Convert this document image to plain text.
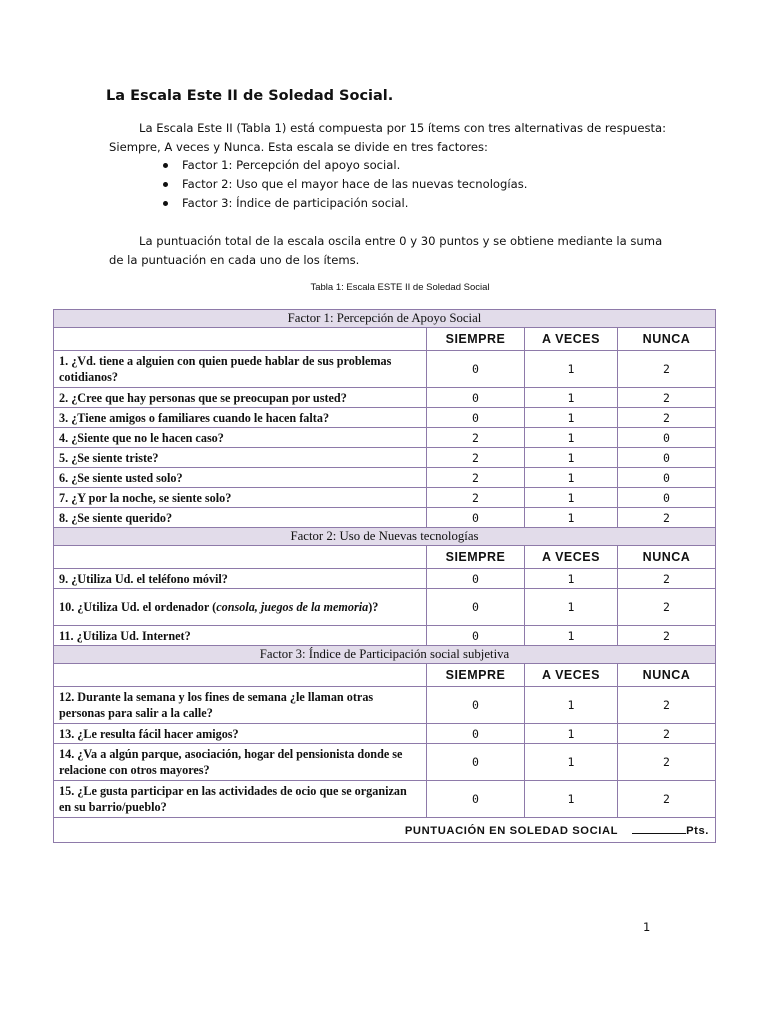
La Escala Este II de Soledad Social.
La Escala Este II (Tabla 1) está compuesta por 15 ítems con tres alternativas de respuesta:
Siempre, A veces y Nunca. Esta escala se divide en tres factores:
Factor 1: Percepción del apoyo social.
Factor 2: Uso que el mayor hace de las nuevas tecnologías.
Factor 3: Índice de participación social.
La puntuación total de la escala oscila entre 0 y 30 puntos y se obtiene mediante la suma
de la puntuación en cada uno de los ítems.
Tabla 1: Escala ESTE II de Soledad Social
Factor 1: Percepción de Apoyo Social			
	SIEMPRE	A VECES	NUNCA
1. ¿Vd. tiene a alguien con quien puede hablar de sus problemas cotidianos?	0	1	2
2. ¿Cree que hay personas que se preocupan por usted?	0	1	2
3. ¿Tiene amigos o familiares cuando le hacen falta?	0	1	2
4. ¿Siente que no le hacen caso?	2	1	0
5. ¿Se siente triste?	2	1	0
6. ¿Se siente usted solo?	2	1	0
7. ¿Y por la noche, se siente solo?	2	1	0
8. ¿Se siente querido?	0	1	2
Factor 2: Uso de Nuevas tecnologías			
	SIEMPRE	A VECES	NUNCA
9. ¿Utiliza Ud. el teléfono móvil?	0	1	2
10. ¿Utiliza Ud. el ordenador (consola, juegos de la memoria)?	0	1	2
11. ¿Utiliza Ud. Internet?	0	1	2
Factor 3: Índice de Participación social subjetiva			
	SIEMPRE	A VECES	NUNCA
12. Durante la semana y los fines de semana ¿le llaman otras personas para salir a la calle?	0	1	2
13. ¿Le resulta fácil hacer amigos?	0	1	2
14. ¿Va a algún parque, asociación, hogar del pensionista donde se relacione con otros mayores?	0	1	2
15. ¿Le gusta participar en las actividades de ocio que se organizan en su barrio/pueblo?	0	1	2
PUNTUACIÓN EN SOLEDAD SOCIAL Pts.			
1
